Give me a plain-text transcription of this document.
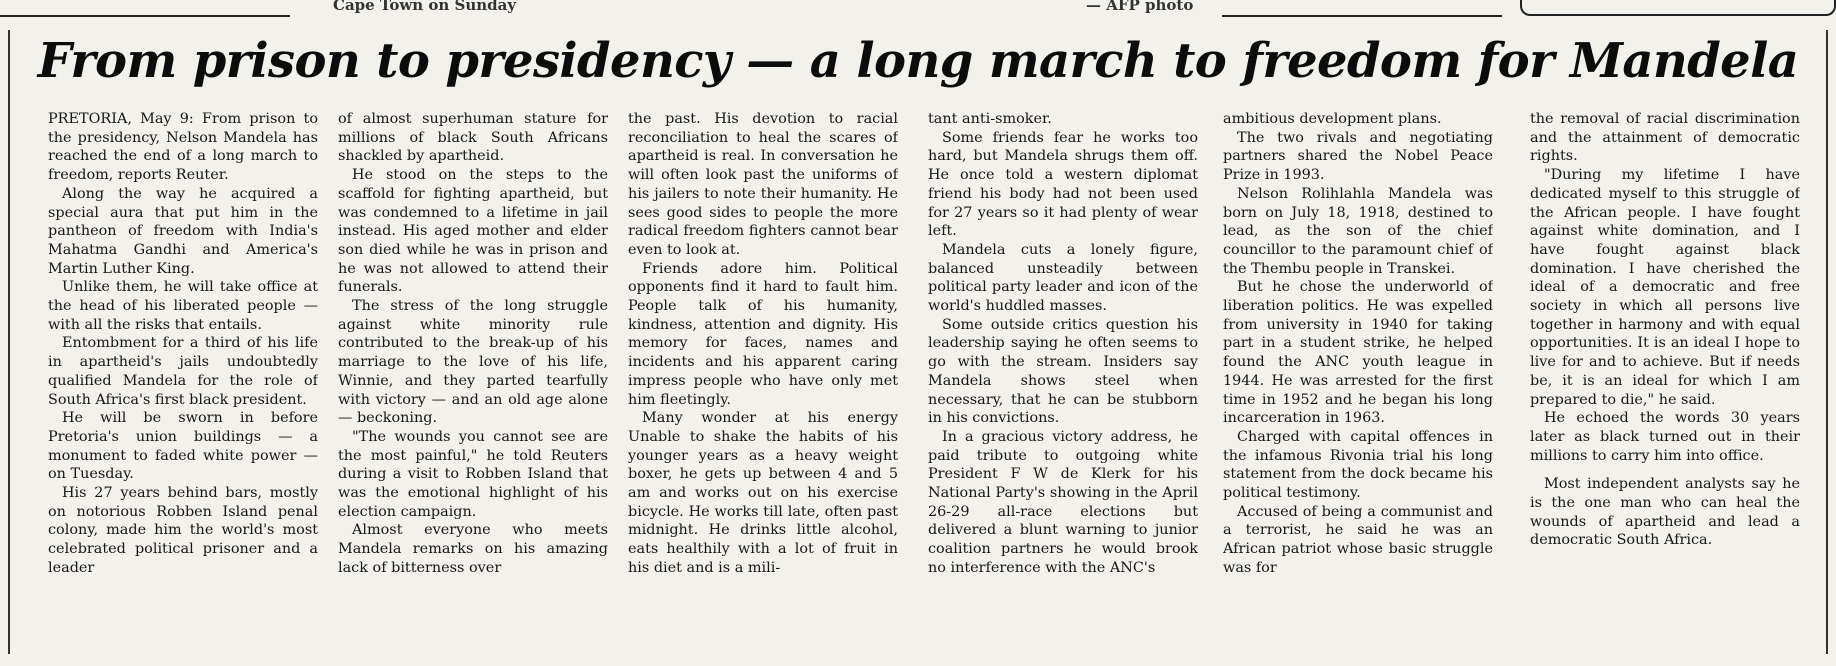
Cape Town on Sunday	— AFP photo
From prison to presidency — a long march to freedom for Mandela

PRETORIA, May 9: From prison to the presidency, Nelson Mandela has reached the end of a long march to freedom, reports Reuter.

Along the way he acquired a special aura that put him in the pantheon of freedom with India's Mahatma Gandhi and America's Martin Luther King.

Unlike them, he will take office at the head of his liberated people — with all the risks that entails.

Entombment for a third of his life in apartheid's jails undoubtedly qualified Mandela for the role of South Africa's first black president.

He will be sworn in before Pretoria's union buildings — a monument to faded white power — on Tuesday.

His 27 years behind bars, mostly on notorious Robben Island penal colony, made him the world's most celebrated political prisoner and a leader

of almost superhuman stature for millions of black South Africans shackled by apartheid.

He stood on the steps to the scaffold for fighting apartheid, but was condemned to a lifetime in jail instead. His aged mother and elder son died while he was in prison and he was not allowed to attend their funerals.

The stress of the long struggle against white minority rule contributed to the break-up of his marriage to the love of his life, Winnie, and they parted tearfully with victory — and an old age alone — beckoning.

"The wounds you cannot see are the most painful," he told Reuters during a visit to Robben Island that was the emotional highlight of his election campaign.

Almost everyone who meets Mandela remarks on his amazing lack of bitterness over

the past. His devotion to racial reconciliation to heal the scares of apartheid is real. In conversation he will often look past the uniforms of his jailers to note their humanity. He sees good sides to people the more radical freedom fighters cannot bear even to look at.

Friends adore him. Political opponents find it hard to fault him. People talk of his humanity, kindness, attention and dignity. His memory for faces, names and incidents and his apparent caring impress people who have only met him fleetingly.

Many wonder at his energy Unable to shake the habits of his younger years as a heavy weight boxer, he gets up between 4 and 5 am and works out on his exercise bicycle. He works till late, often past midnight. He drinks little alcohol, eats healthily with a lot of fruit in his diet and is a mili-

tant anti-smoker.

Some friends fear he works too hard, but Mandela shrugs them off. He once told a western diplomat friend his body had not been used for 27 years so it had plenty of wear left.

Mandela cuts a lonely figure, balanced unsteadily between political party leader and icon of the world's huddled masses.

Some outside critics question his leadership saying he often seems to go with the stream. Insiders say Mandela shows steel when necessary, that he can be stubborn in his convictions.

In a gracious victory address, he paid tribute to outgoing white President F W de Klerk for his National Party's showing in the April 26-29 all-race elections but delivered a blunt warning to junior coalition partners he would brook no interference with the ANC's

ambitious development plans.

The two rivals and negotiating partners shared the Nobel Peace Prize in 1993.

Nelson Rolihlahla Mandela was born on July 18, 1918, destined to lead, as the son of the chief councillor to the paramount chief of the Thembu people in Transkei.

But he chose the underworld of liberation politics. He was expelled from university in 1940 for taking part in a student strike, he helped found the ANC youth league in 1944. He was arrested for the first time in 1952 and he began his long incarceration in 1963.

Charged with capital offences in the infamous Rivonia trial his long statement from the dock became his political testimony.

Accused of being a communist and a terrorist, he said he was an African patriot whose basic struggle was for

the removal of racial discrimination and the attainment of democratic rights.

"During my lifetime I have dedicated myself to this struggle of the African people. I have fought against white domination, and I have fought against black domination. I have cherished the ideal of a democratic and free society in which all persons live together in harmony and with equal opportunities. It is an ideal I hope to live for and to achieve. But if needs be, it is an ideal for which I am prepared to die," he said.

He echoed the words 30 years later as black turned out in their millions to carry him into office.

Most independent analysts say he is the one man who can heal the wounds of apartheid and lead a democratic South Africa.
